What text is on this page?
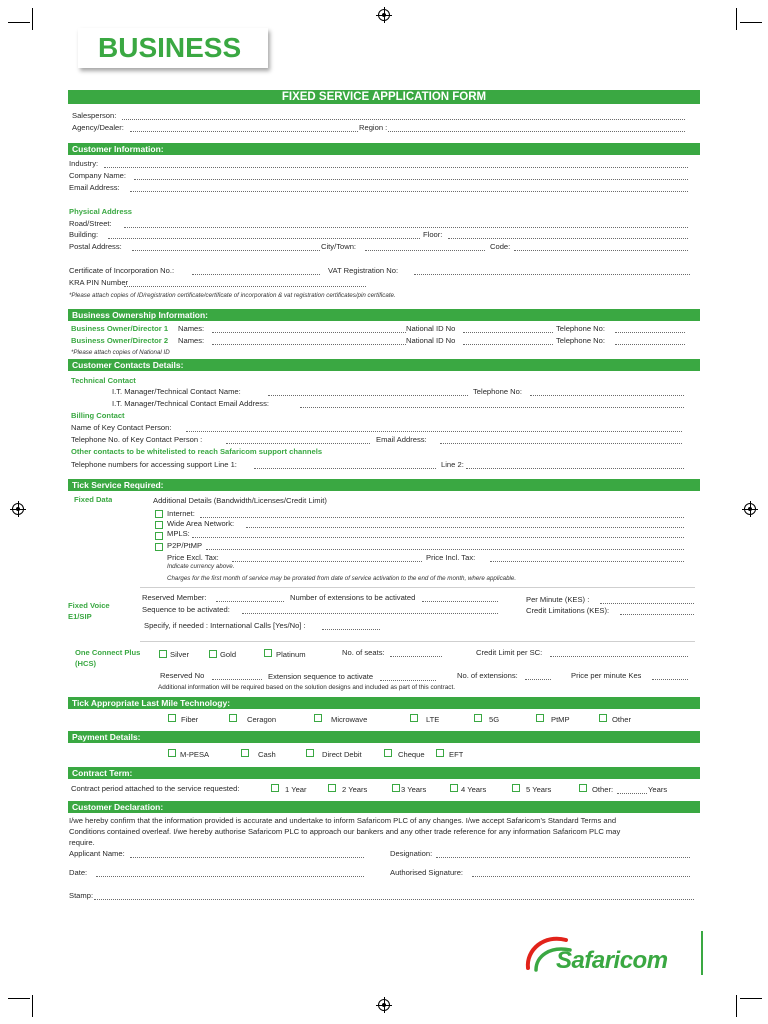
BUSINESS
FIXED SERVICE APPLICATION FORM
Salesperson:
Agency/Dealer:	Region :
Customer Information:
Industry:
Company Name:
Email Address:
Physical Address
Road/Street:
Building:	Floor:
Postal Address:	City/Town:	Code:
Certificate of Incorporation No.:	VAT Registration No:
KRA PIN Number
*Please attach copies of ID/registration certificate/certificate of incorporation & vat registration certificates/pin certificate.
Business Ownership Information:
Business Owner/Director 1 Names:	National ID No	Telephone No:
Business Owner/Director 2 Names:	National ID No	Telephone No:
*Please attach copies of National ID
Customer Contacts Details:
Technical Contact
I.T. Manager/Technical Contact Name:	Telephone No:
I.T. Manager/Technical Contact Email Address:
Billing Contact
Name of Key Contact Person:
Telephone No. of Key Contact Person :	Email Address:
Other contacts to be whitelisted to reach Safaricom support channels
Telephone numbers for accessing support Line 1:	Line 2:
Tick Service Required:
Fixed Data	Additional Details (Bandwidth/Licenses/Credit Limit)
Internet:
Wide Area Network:
MPLS:
P2P/PtMP
Price Excl. Tax:	Price Incl. Tax:
Indicate currency above.
Charges for the first month of service may be prorated from date of service activation to the end of the month, where applicable.
Fixed Voice
E1/SIP
Reserved Member:	Number of extensions to be activated	Per Minute (KES) :
Sequence to be activated:	Credit Limitations (KES):
Specify, if needed : International Calls [Yes/No] :
One Connect Plus
(HCS)
Silver	Gold	Platinum	No. of seats:	Credit Limit per SC:
Reserved No	Extension sequence to activate	No. of extensions:	Price per minute Kes
Additional information will be required based on the solution designs and included as part of this contract.
Tick Appropriate Last Mile Technology:
Fiber	Ceragon	Microwave	LTE	5G	PtMP	Other
Payment Details:
M-PESA	Cash	Direct Debit	Cheque	EFT
Contract Term:
Contract period attached to the service requested:	1 Year	2 Years	3 Years	4 Years	5 Years	Other:	Years
Customer Declaration:
I/we hereby confirm that the information provided is accurate and undertake to inform Safaricom PLC of any changes. I/we accept Safaricom's Standard Terms and
Conditions contained overleaf. I/we hereby authorise Safaricom PLC to approach our bankers and any other trade reference for any information Safaricom PLC may
require.
Applicant Name:	Designation:
Date:	Authorised Signature:
Stamp:
Safaricom
